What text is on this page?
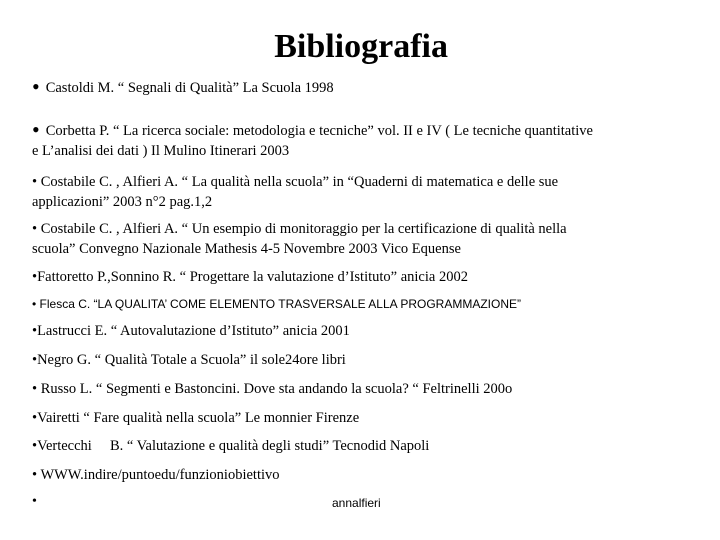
Bibliografia
• Castoldi M. “ Segnali di Qualità” La Scuola 1998
• Corbetta P. “ La ricerca sociale: metodologia e tecniche” vol. II e IV ( Le tecniche quantitative
e L’analisi dei dati ) Il Mulino Itinerari 2003
• Costabile C. , Alfieri A. “ La qualità nella scuola” in “Quaderni di matematica e delle sue
applicazioni” 2003 n°2 pag.1,2
• Costabile C. , Alfieri A. “ Un esempio di monitoraggio per la certificazione di qualità nella
scuola” Convegno Nazionale Mathesis 4-5 Novembre 2003 Vico Equense
•Fattoretto P.,Sonnino R. “ Progettare la valutazione d’Istituto” anicia 2002
• Flesca C. “LA QUALITA’ COME ELEMENTO TRASVERSALE ALLA PROGRAMMAZIONE”
•Lastrucci E. “ Autovalutazione d’Istituto” anicia 2001
•Negro G. “ Qualità Totale a Scuola” il sole24ore libri
• Russo L. “ Segmenti e Bastoncini. Dove sta andando la scuola? “ Feltrinelli 200o
•Vairetti “ Fare qualità nella scuola” Le monnier Firenze
•Vertecchi     B. “ Valutazione e qualità degli studi” Tecnodid Napoli
• WWW.indire/puntoedu/funzioniobiettivo
•	annalfieri
